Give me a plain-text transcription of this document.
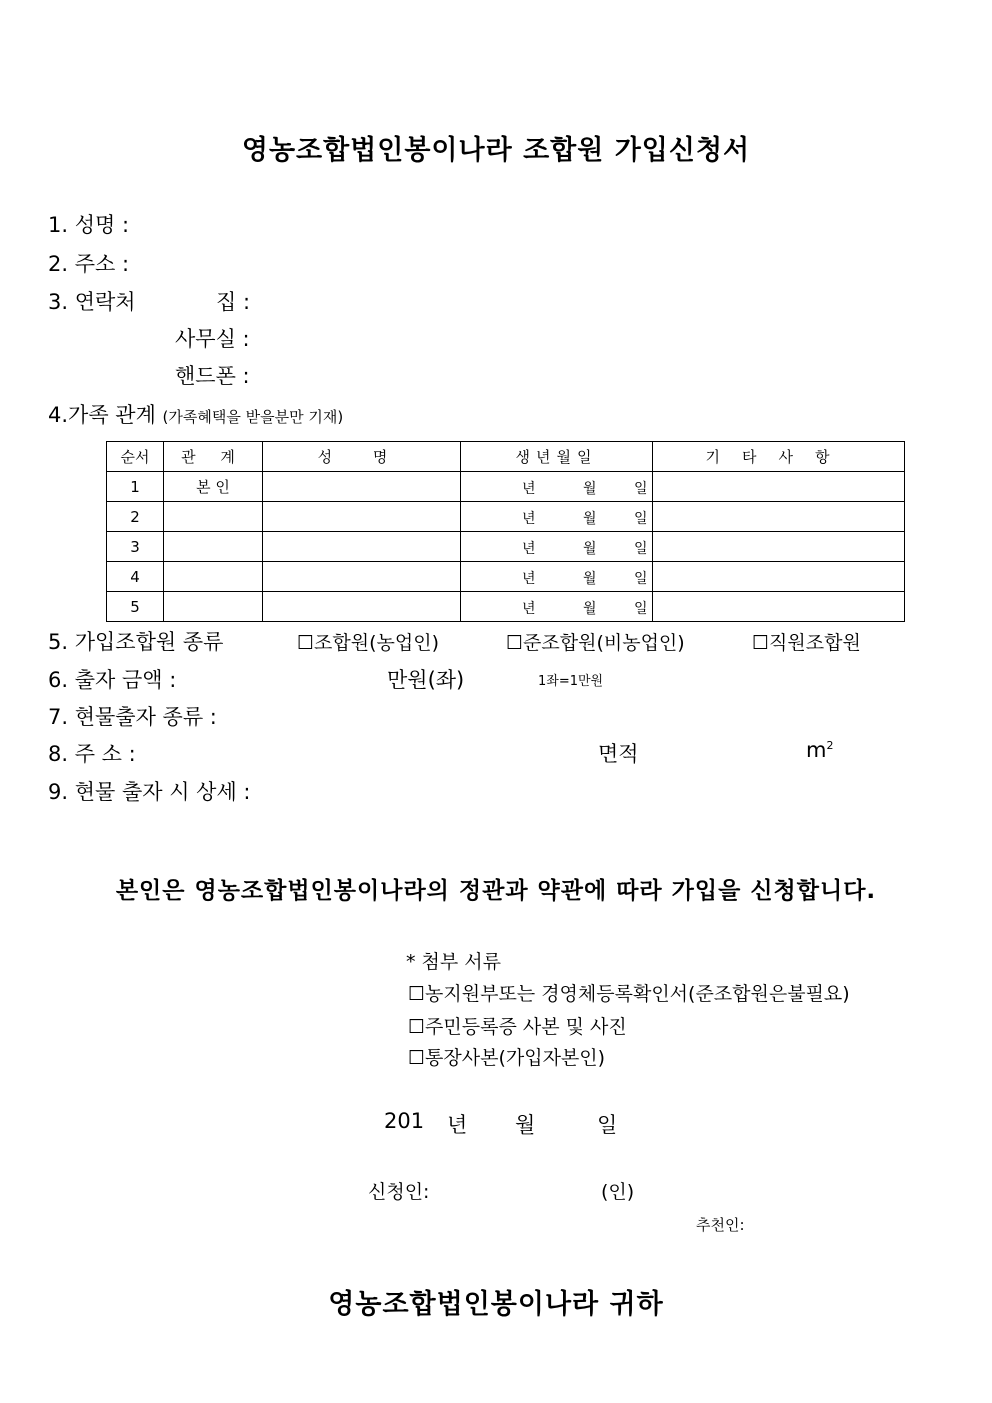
영농조합법인봉이나라 조합원 가입신청서
1. 성명 :
2. 주소 :
3. 연락처	집 :
사무실 :
핸드폰 :
4.가족 관계 (가족혜택을 받을분만 기재)
순서	관 계	성 명	생년월일	기타사항
1	본 인		년 월 일	

2			년 월 일	

3			년 월 일	

4			년 월 일	

5			년 월 일	

5. 가입조합원 종류	☐조합원(농업인)	☐준조합원(비농업인)	☐직원조합원
6. 출자 금액 :	만원(좌)	1좌=1만원
7. 현물출자 종류 :
8. 주 소 :	면적	$m^2$
9. 현물 출자 시 상세 :
본인은 영농조합법인봉이나라의 정관과 약관에 따라 가입을 신청합니다.
* 첨부 서류
☐농지원부또는 경영체등록확인서(준조합원은불필요)
☐주민등록증 사본 및 사진
☐통장사본(가입자본인)
201 년 월	일
신청인:	(인)
추천인:
영농조합법인봉이나라 귀하
